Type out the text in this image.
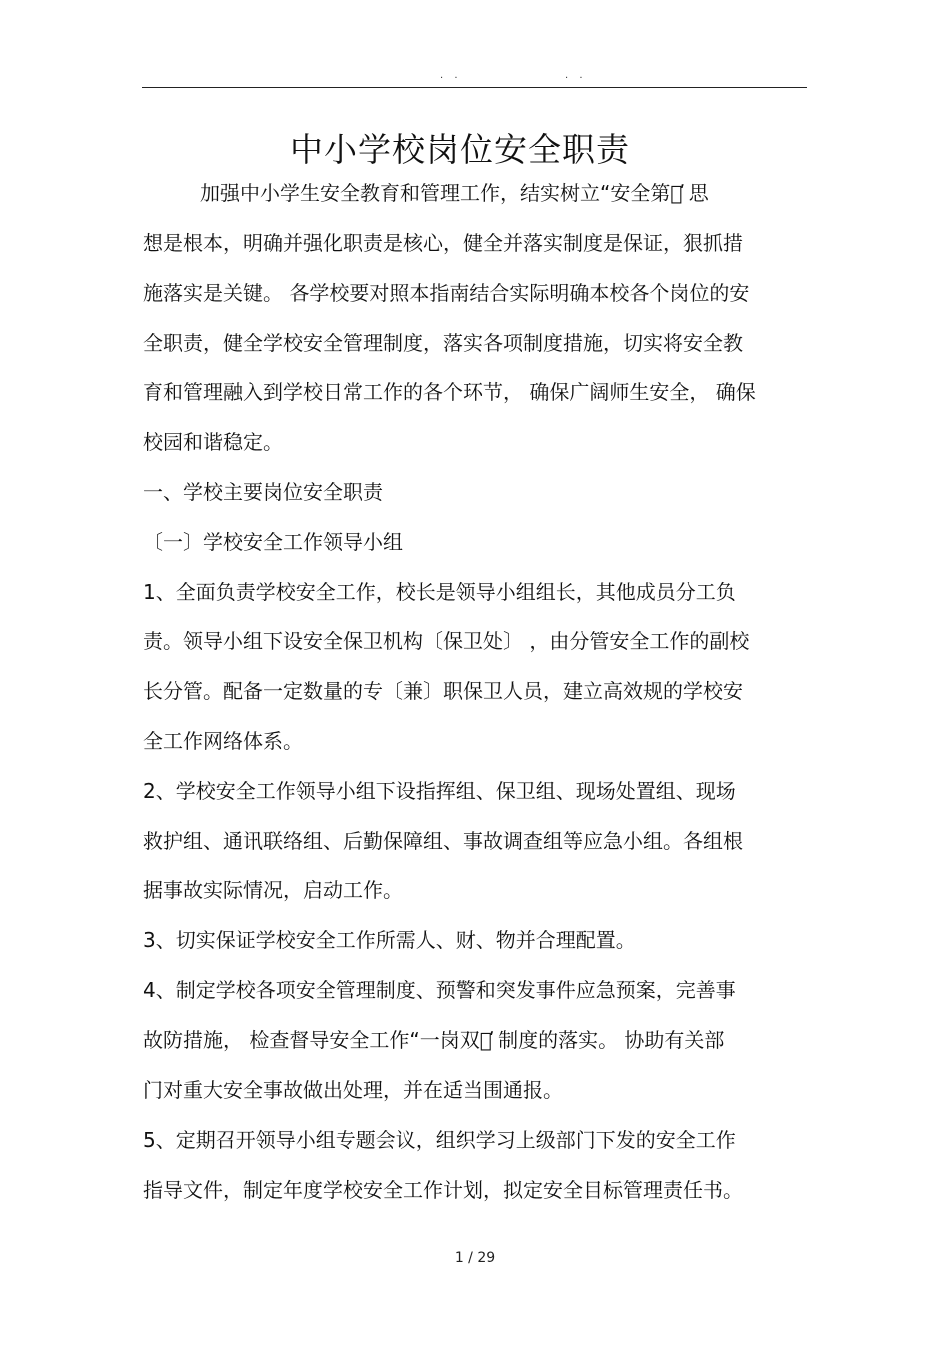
. .	. .
中小学校岗位安全职责
加强中小学生安全教育和管理工作，结实树立“安全第一̕ 思
想是根本，明确并强化职责是核心，健全并落实制度是保证，狠抓措
施落实是关键。 各学校要对照本指南结合实际明确本校各个岗位的安
全职责，健全学校安全管理制度，落实各项制度措施，切实将安全教
育和管理融入到学校日常工作的各个环节， 确保广阔师生安全， 确保
校园和谐稳定。
一、学校主要岗位安全职责
〔一〕学校安全工作领导小组
1、全面负责学校安全工作，校长是领导小组组长，其他成员分工负
责。领导小组下设安全保卫机构〔保卫处〕 ，由分管安全工作的副校
长分管。配备一定数量的专〔兼〕职保卫人员，建立高效规的学校安
全工作网络体系。
2、学校安全工作领导小组下设指挥组、保卫组、现场处置组、现场
救护组、通讯联络组、后勤保障组、事故调查组等应急小组。各组根
据事故实际情况，启动工作。
3、切实保证学校安全工作所需人、财、物并合理配置。
4、制定学校各项安全管理制度、预警和突发事件应急预案，完善事
故防措施， 检查督导安全工作“一岗双责̕ 制度的落实。 协助有关部
门对重大安全事故做出处理，并在适当围通报。
5、定期召开领导小组专题会议，组织学习上级部门下发的安全工作
指导文件，制定年度学校安全工作计划，拟定安全目标管理责任书。
1 / 29
